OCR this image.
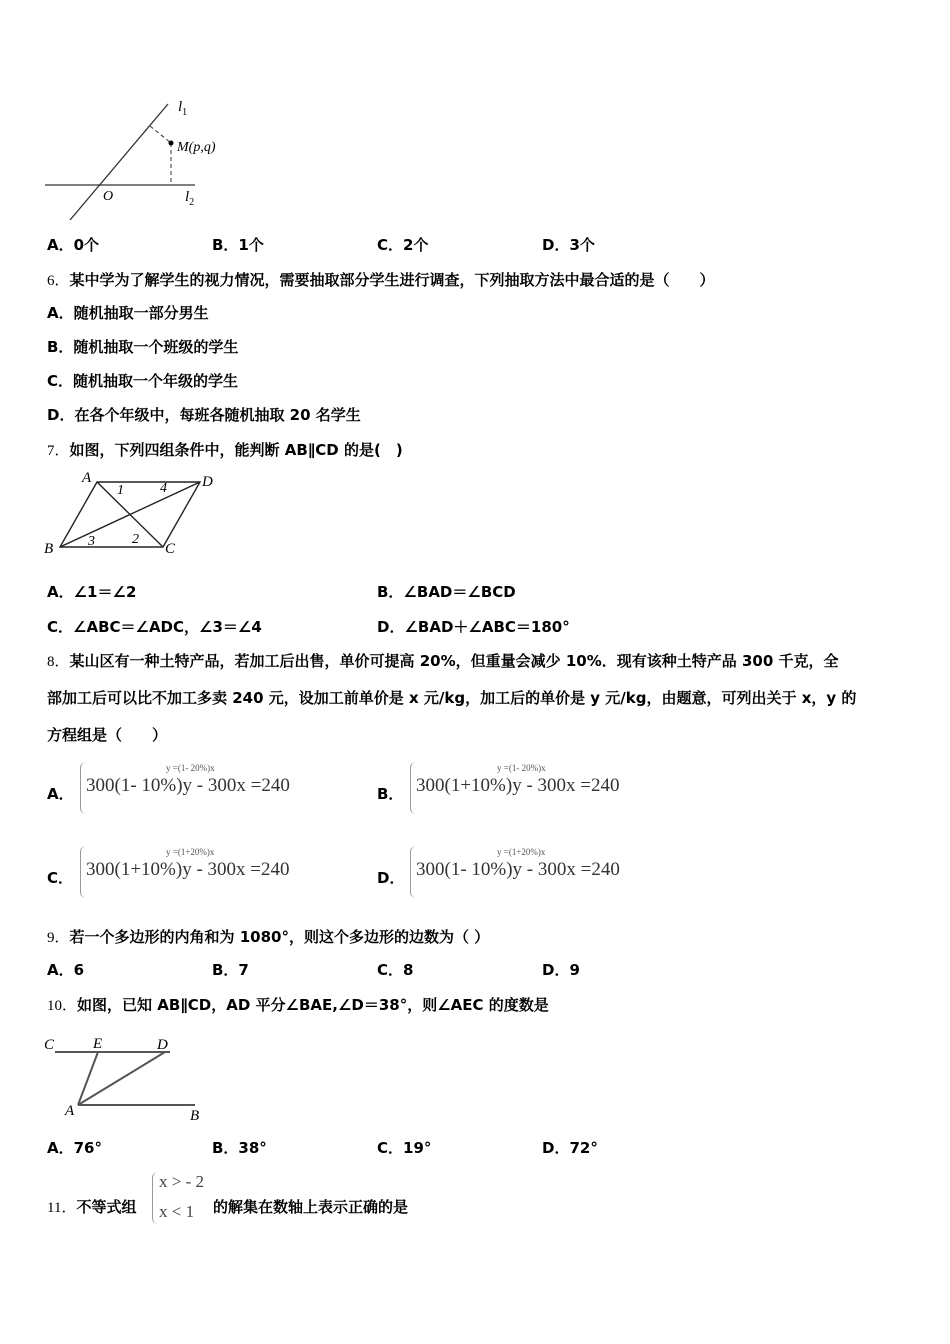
$l_1$
M(p,q)
O	$l_2$
A．0个	B．1个	C．2个	D．3个
6．某中学为了解学生的视力情况，需要抽取部分学生进行调查，下列抽取方法中最合适的是（　　）
A．随机抽取一部分男生
B．随机抽取一个班级的学生
C．随机抽取一个年级的学生
D．在各个年级中，每班各随机抽取 20 名学生
7．如图，下列四组条件中，能判断 AB∥CD 的是(　)
A	D
B	C
1	4
3	2
A．∠1＝∠2	B．∠BAD＝∠BCD
C．∠ABC＝∠ADC，∠3＝∠4	D．∠BAD＋∠ABC＝180°
8．某山区有一种土特产品，若加工后出售，单价可提高 20%，但重量会减少 10%．现有该种土特产品 300 千克，全
部加工后可以比不加工多卖 240 元，设加工前单价是 x 元/kg，加工后的单价是 y 元/kg，由题意，可列出关于 x，y 的
方程组是（　　）
A．
y =(1- 20%)x
300(1- 10%)y - 300x =240	B．
y =(1- 20%)x
300(1+10%)y - 300x =240
C．
y =(1+20%)x
300(1+10%)y - 300x =240	D．
y =(1+20%)x
300(1- 10%)y - 300x =240
9．若一个多边形的内角和为 1080°，则这个多边形的边数为（ ）
A．6	B．7	C．8	D．9
10．如图，已知 AB∥CD，AD 平分∠BAE,∠D＝38°，则∠AEC 的度数是
C	E	D
A	B
A．76°	B．38°	C．19°	D．72°
11．不等式组
x > - 2
x < 1 的解集在数轴上表示正确的是
